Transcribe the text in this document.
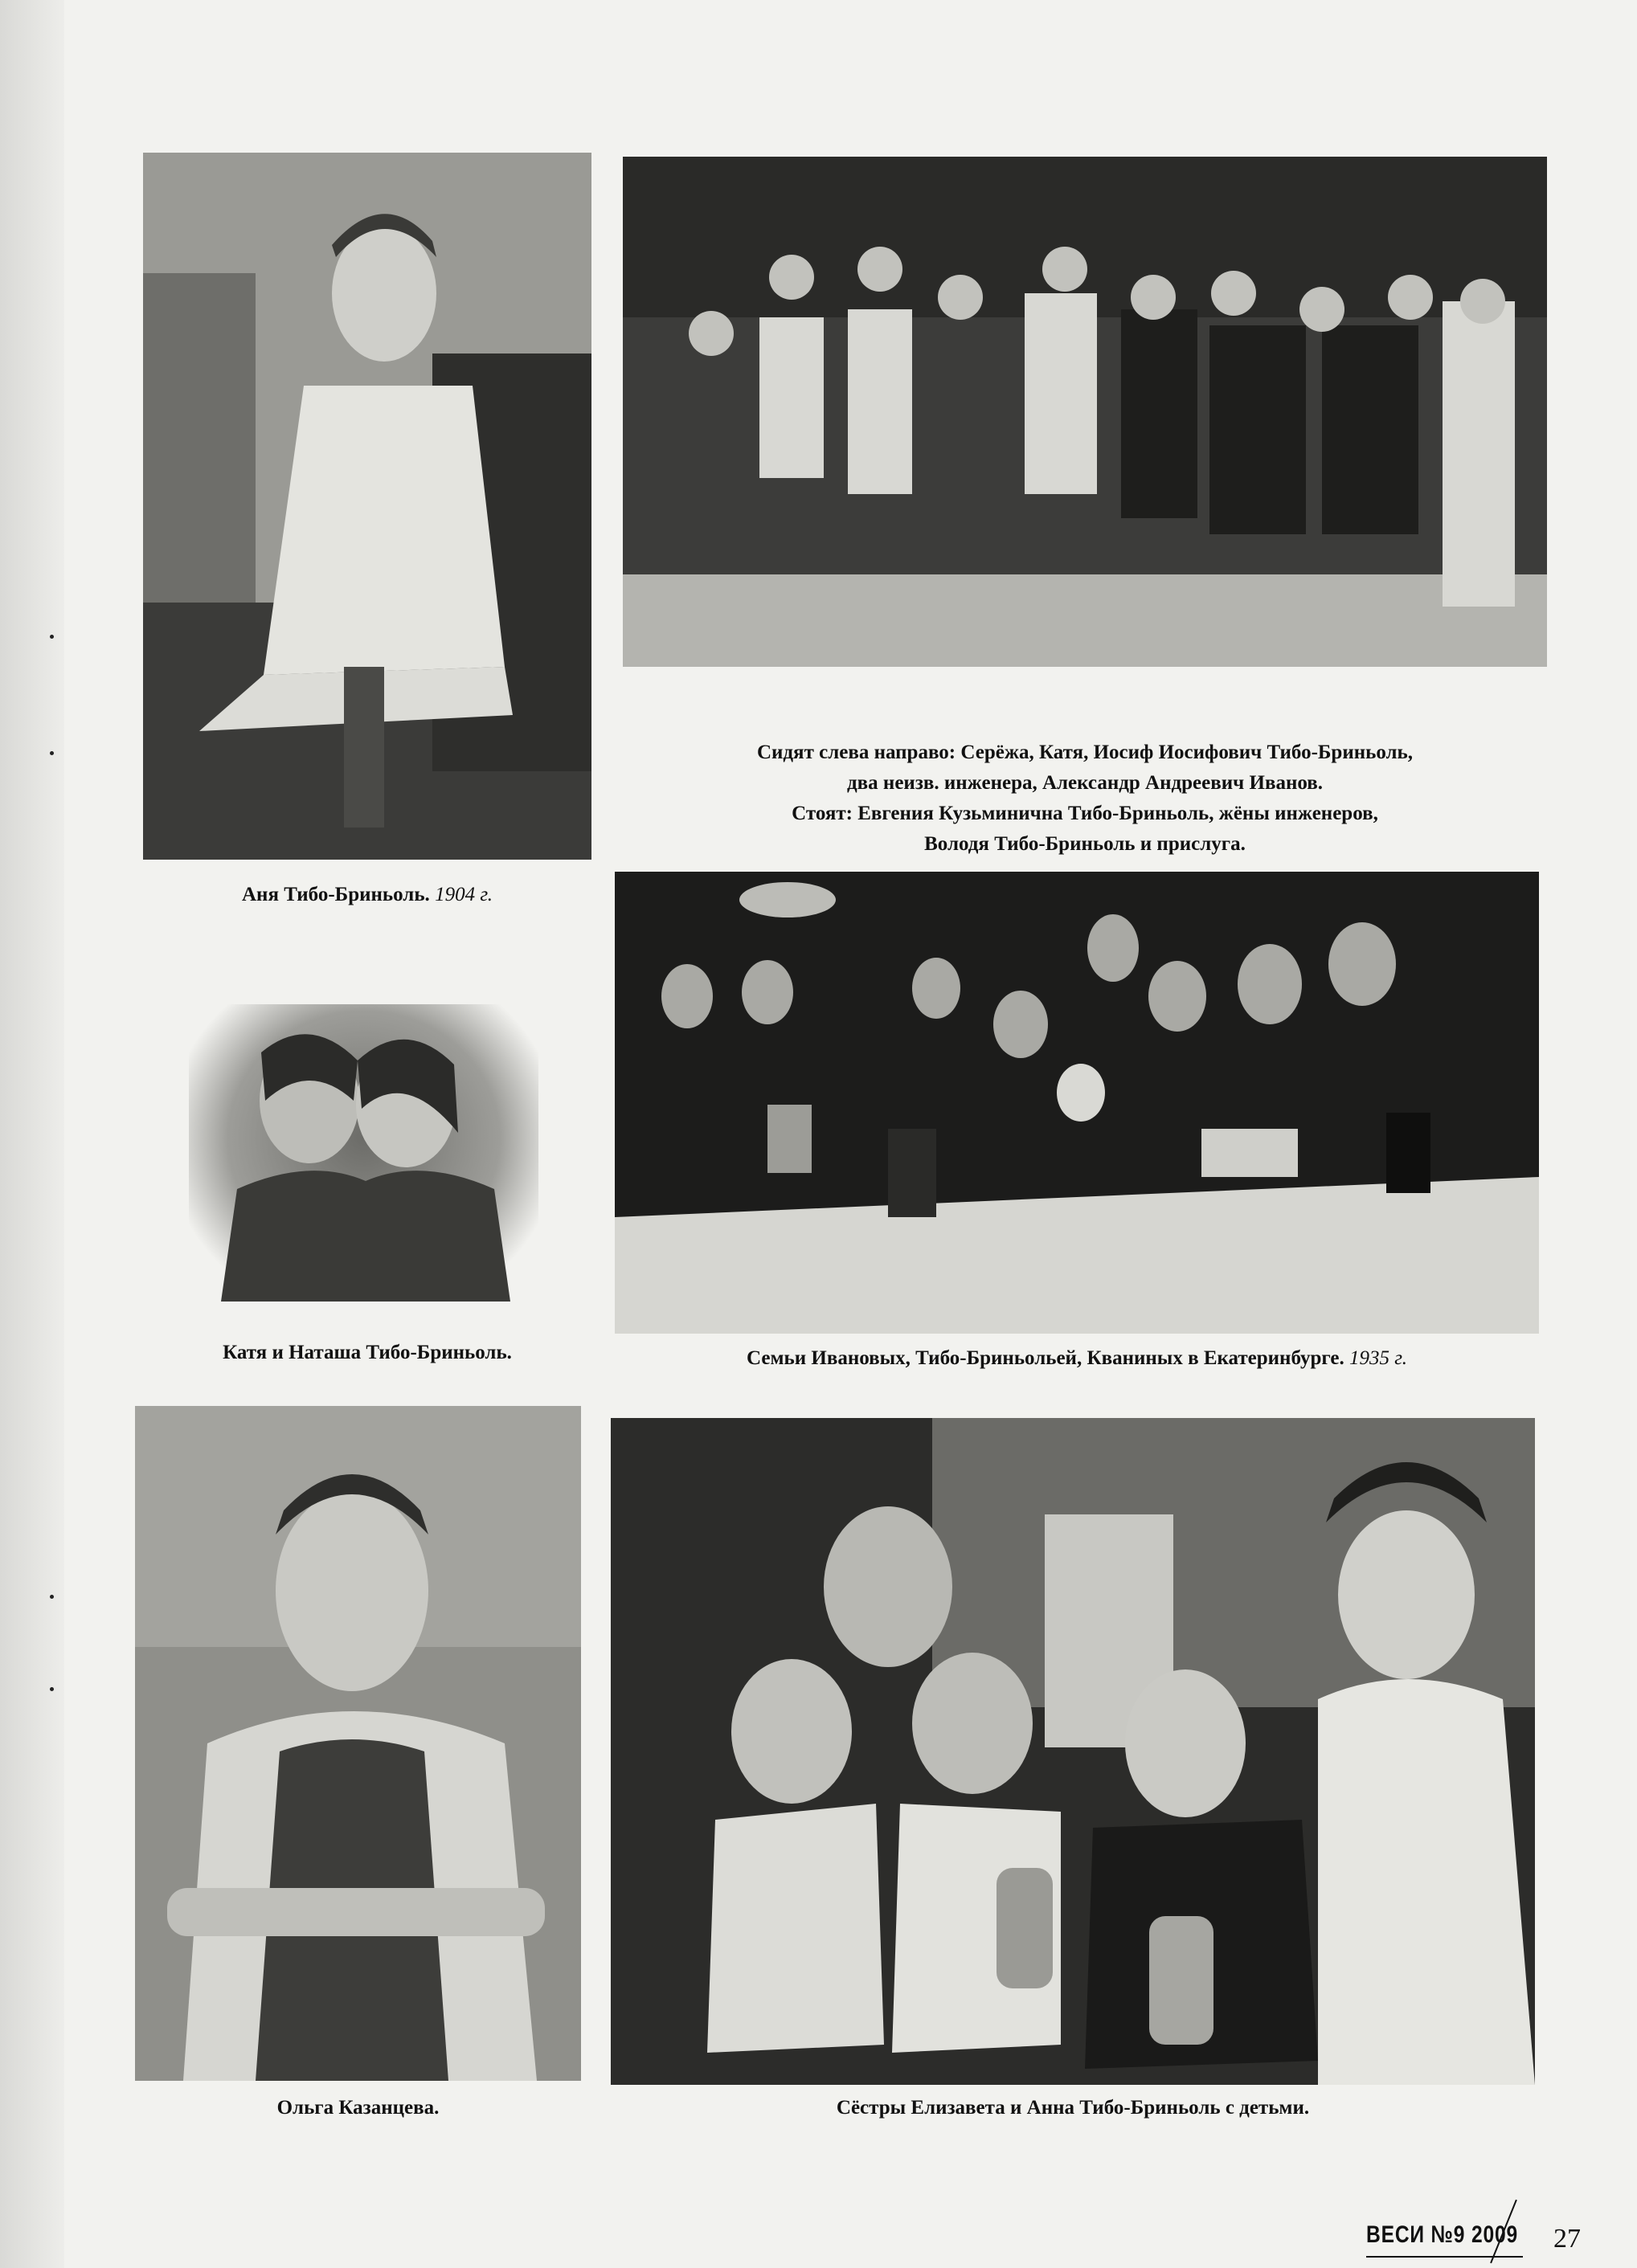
Аня Тибо-Бриньоль. 1904 г.
Сидят слева направо: Серёжа, Катя, Иосиф Иосифович Тибо-Бриньоль,
два неизв. инженера, Александр Андреевич Иванов.
Стоят: Евгения Кузьминична Тибо-Бриньоль, жёны инженеров,
Володя Тибо-Бриньоль и прислуга.
Катя и Наташа Тибо-Бриньоль.	Семьи Ивановых, Тибо-Бриньольей, Кваниных в Екатеринбурге. 1935 г.
Ольга Казанцева.	Сёстры Елизавета и Анна Тибо-Бриньоль с детьми.
ВЕСИ №9 2009 27
